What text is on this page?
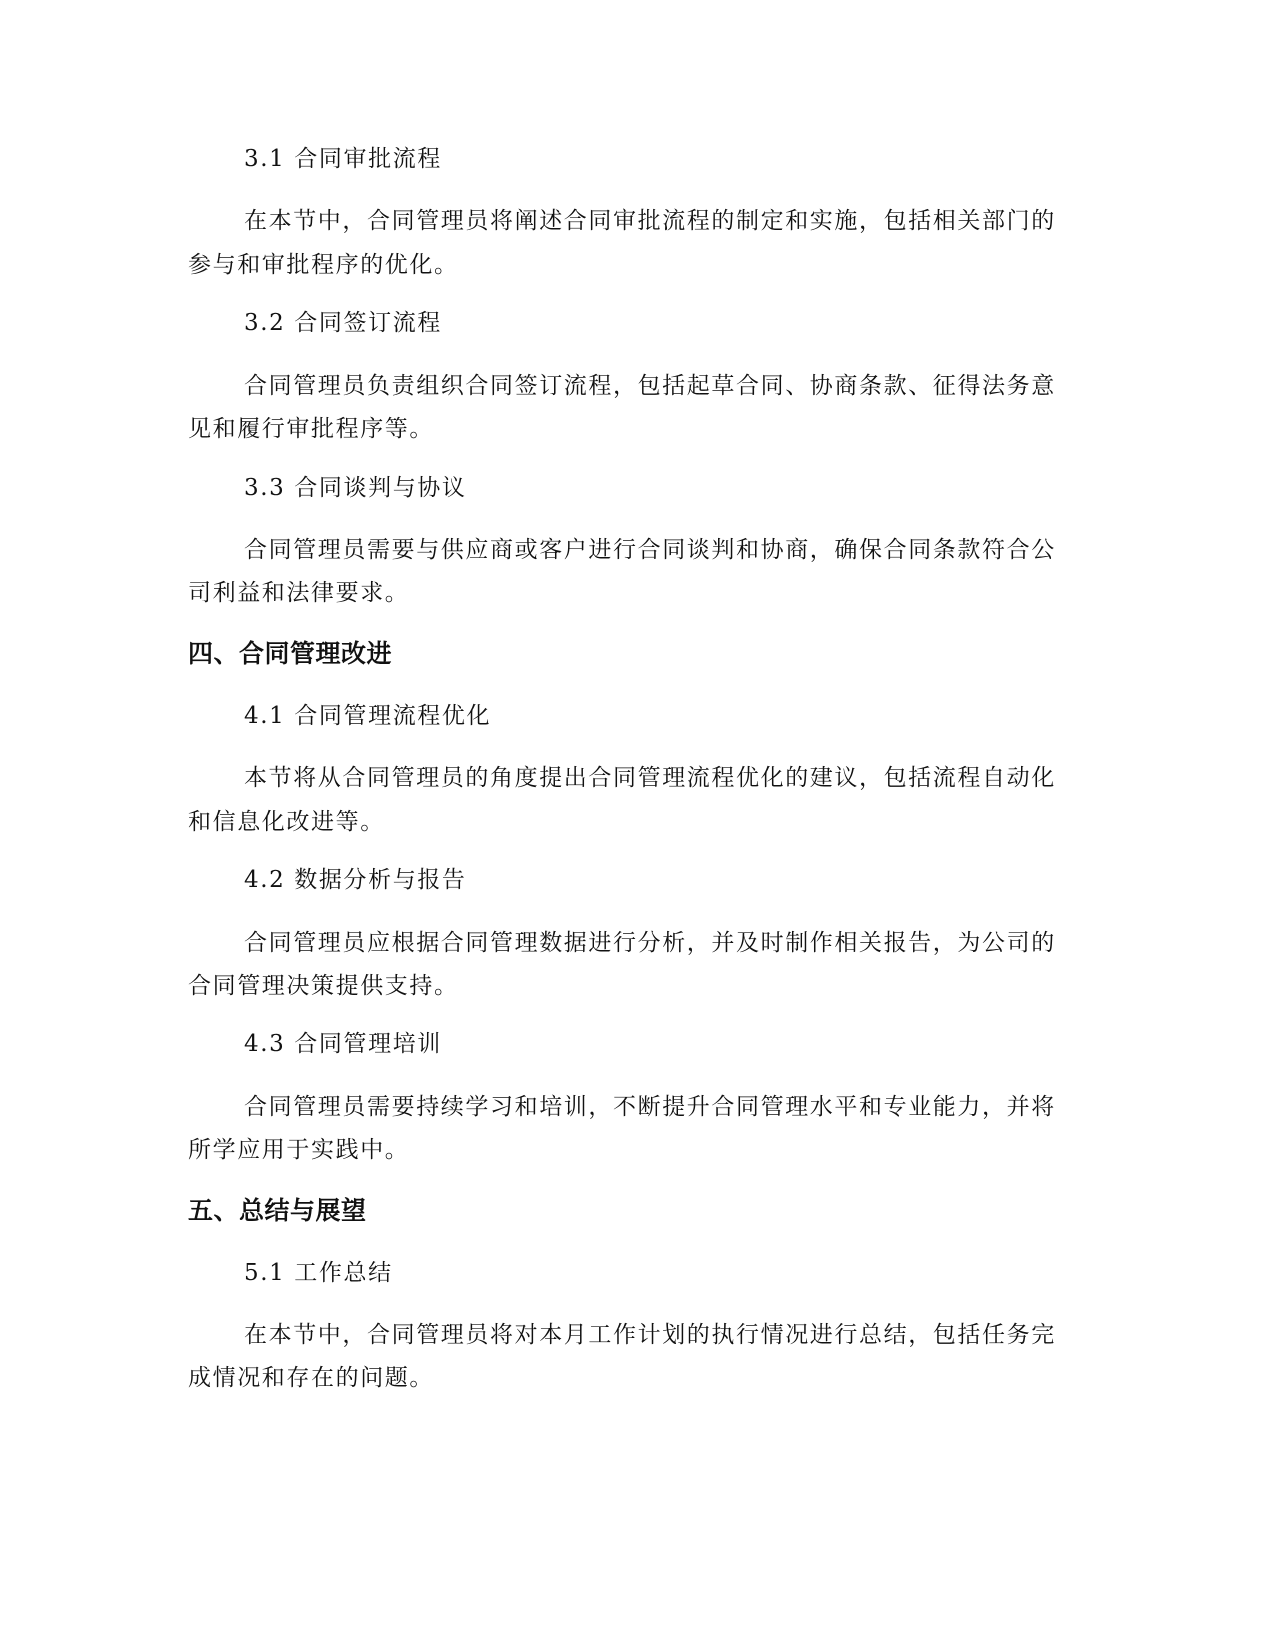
3.1 合同审批流程

在本节中，合同管理员将阐述合同审批流程的制定和实施，包括相关部门的

参与和审批程序的优化。

3.2 合同签订流程

合同管理员负责组织合同签订流程，包括起草合同、协商条款、征得法务意

见和履行审批程序等。

3.3 合同谈判与协议

合同管理员需要与供应商或客户进行合同谈判和协商，确保合同条款符合公

司利益和法律要求。

四、合同管理改进

4.1 合同管理流程优化

本节将从合同管理员的角度提出合同管理流程优化的建议，包括流程自动化

和信息化改进等。

4.2 数据分析与报告

合同管理员应根据合同管理数据进行分析，并及时制作相关报告，为公司的

合同管理决策提供支持。

4.3 合同管理培训

合同管理员需要持续学习和培训，不断提升合同管理水平和专业能力，并将

所学应用于实践中。

五、总结与展望

5.1 工作总结

在本节中，合同管理员将对本月工作计划的执行情况进行总结，包括任务完

成情况和存在的问题。
